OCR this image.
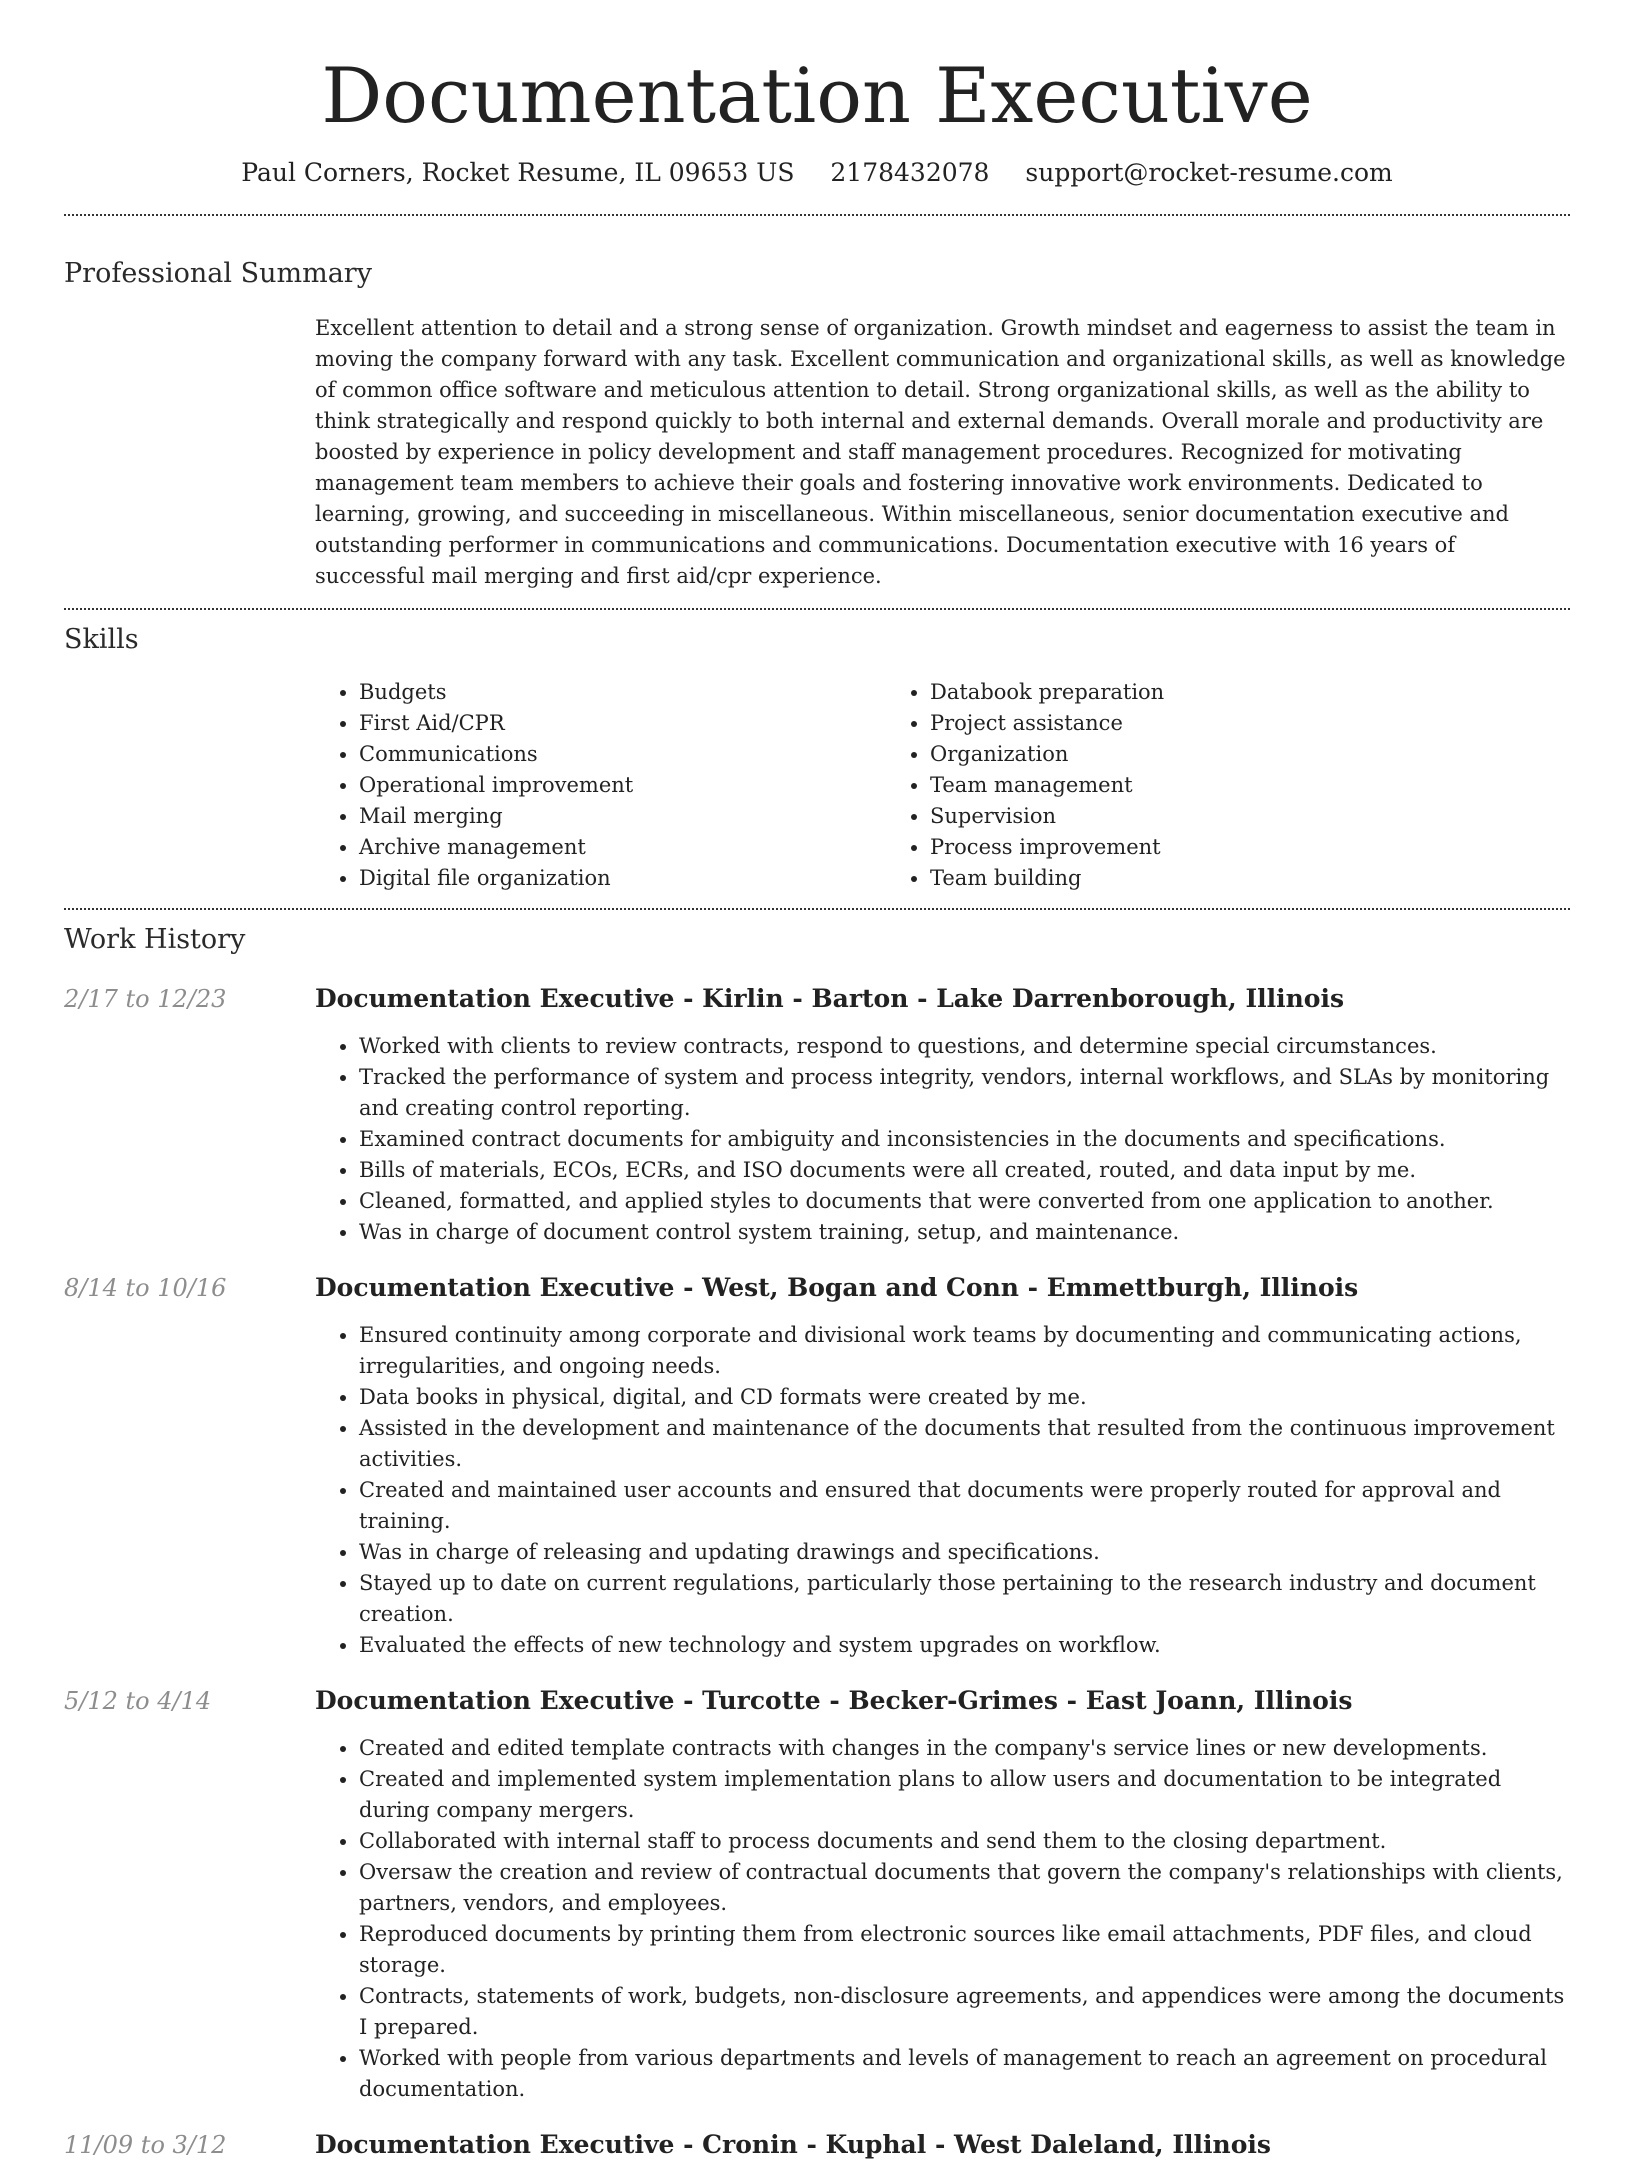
Documentation Executive
Paul Corners, Rocket Resume, IL 09653 US 2178432078 support@rocket-resume.com
Professional Summary

Excellent attention to detail and a strong sense of organization. Growth mindset and eagerness to assist the team in moving the company forward with any task. Excellent communication and organizational skills, as well as knowledge of common office software and meticulous attention to detail. Strong organizational skills, as well as the ability to think strategically and respond quickly to both internal and external demands. Overall morale and productivity are boosted by experience in policy development and staff management procedures. Recognized for motivating management team members to achieve their goals and fostering innovative work environments. Dedicated to learning, growing, and succeeding in miscellaneous. Within miscellaneous, senior documentation executive and outstanding performer in communications and communications. Documentation executive with 16 years of successful mail merging and first aid/cpr experience.

Skills
• Budgets
• First Aid/CPR
• Communications
• Operational improvement
• Mail merging
• Archive management
• Digital file organization
• Databook preparation
• Project assistance
• Organization
• Team management
• Supervision
• Process improvement
• Team building
Work History
2/17 to 12/23	Documentation Executive - Kirlin - Barton - Lake Darrenborough, Illinois
• Worked with clients to review contracts, respond to questions, and determine special circumstances.
• Tracked the performance of system and process integrity, vendors, internal workflows, and SLAs by monitoring and creating control reporting.
• Examined contract documents for ambiguity and inconsistencies in the documents and specifications.
• Bills of materials, ECOs, ECRs, and ISO documents were all created, routed, and data input by me.
• Cleaned, formatted, and applied styles to documents that were converted from one application to another.
• Was in charge of document control system training, setup, and maintenance.
8/14 to 10/16	Documentation Executive - West, Bogan and Conn - Emmettburgh, Illinois
• Ensured continuity among corporate and divisional work teams by documenting and communicating actions, irregularities, and ongoing needs.
• Data books in physical, digital, and CD formats were created by me.
• Assisted in the development and maintenance of the documents that resulted from the continuous improvement activities.
• Created and maintained user accounts and ensured that documents were properly routed for approval and training.
• Was in charge of releasing and updating drawings and specifications.
• Stayed up to date on current regulations, particularly those pertaining to the research industry and document creation.
• Evaluated the effects of new technology and system upgrades on workflow.
5/12 to 4/14	Documentation Executive - Turcotte - Becker-Grimes - East Joann, Illinois
• Created and edited template contracts with changes in the company's service lines or new developments.
• Created and implemented system implementation plans to allow users and documentation to be integrated during company mergers.
• Collaborated with internal staff to process documents and send them to the closing department.
• Oversaw the creation and review of contractual documents that govern the company's relationships with clients, partners, vendors, and employees.
• Reproduced documents by printing them from electronic sources like email attachments, PDF files, and cloud storage.
• Contracts, statements of work, budgets, non-disclosure agreements, and appendices were among the documents I prepared.
• Worked with people from various departments and levels of management to reach an agreement on procedural documentation.
11/09 to 3/12	Documentation Executive - Cronin - Kuphal - West Daleland, Illinois
